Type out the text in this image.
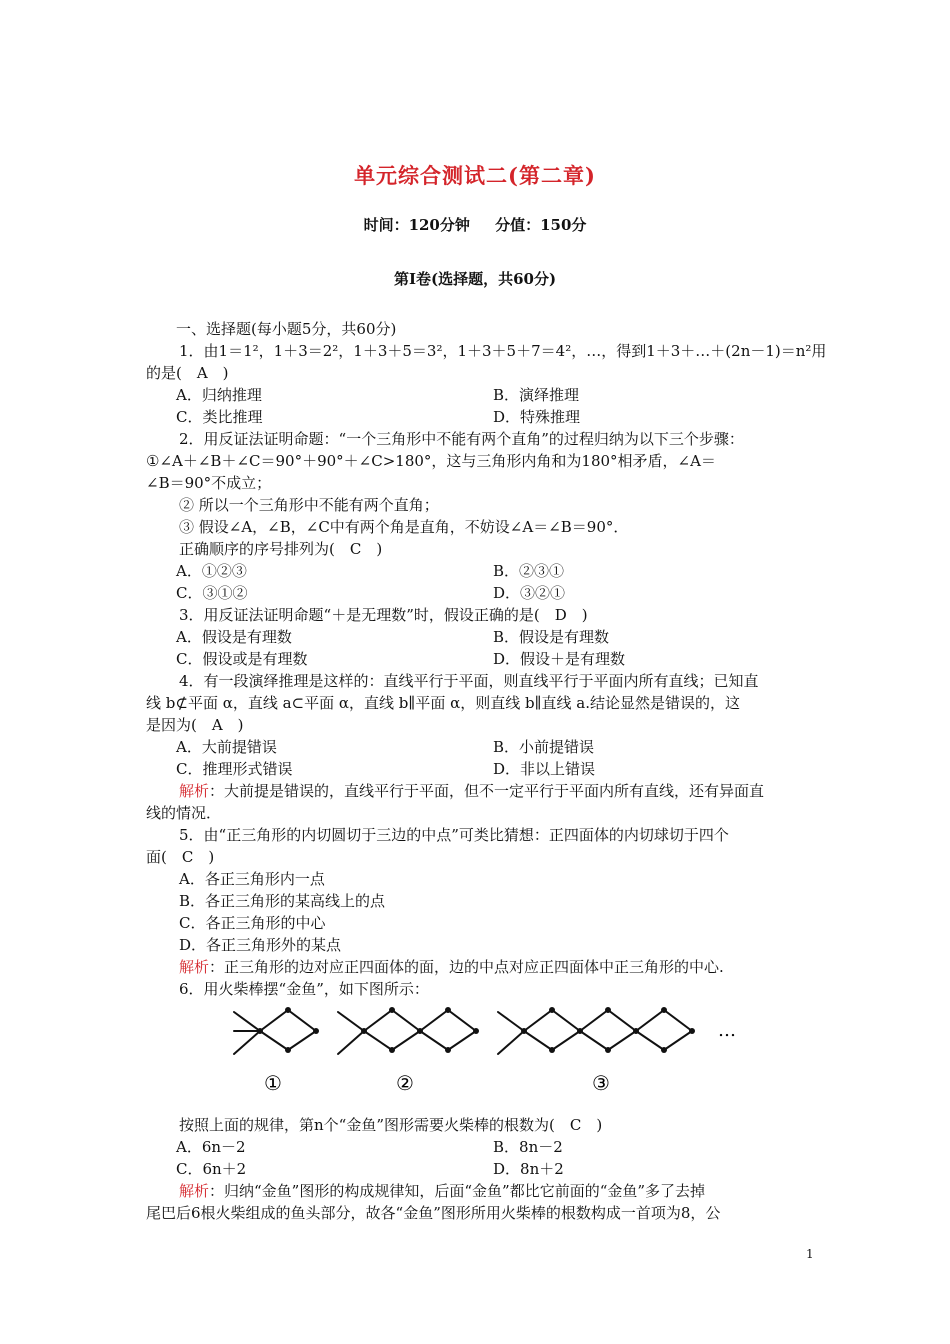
单元综合测试二(第二章)
时间：120分钟 分值：150分
第Ⅰ卷(选择题，共60分)
一、选择题(每小题5分，共60分)
1．由1＝1²，1＋3＝2²，1＋3＋5＝3²，1＋3＋5＋7＝4²，…，得到1＋3＋…＋(2n－1)＝n²用
的是(　A　)
A．归纳推理	B．演绎推理
C．类比推理	D．特殊推理
2．用反证法证明命题：“一个三角形中不能有两个直角”的过程归纳为以下三个步骤：
①∠A＋∠B＋∠C＝90°＋90°＋∠C>180°，这与三角形内角和为180°相矛盾，∠A＝
∠B＝90°不成立；
② 所以一个三角形中不能有两个直角；
③ 假设∠A，∠B，∠C中有两个角是直角，不妨设∠A＝∠B＝90°．
正确顺序的序号排列为(　C　)
A．①②③	B．②③①
C．③①②	D．③②①
3．用反证法证明命题“＋是无理数”时，假设正确的是(　D　)
A．假设是有理数	B．假设是有理数
C．假设或是有理数	D．假设＋是有理数
4．有一段演绎推理是这样的：直线平行于平面，则直线平行于平面内所有直线；已知直
线 b⊄平面 α，直线 a⊂平面 α，直线 b∥平面 α，则直线 b∥直线 a.结论显然是错误的，这
是因为(　A　)
A．大前提错误	B．小前提错误
C．推理形式错误	D．非以上错误
解析：大前提是错误的，直线平行于平面，但不一定平行于平面内所有直线，还有异面直
线的情况．
5．由“正三角形的内切圆切于三边的中点”可类比猜想：正四面体的内切球切于四个
面(　C　)
A．各正三角形内一点
B．各正三角形的某高线上的点
C．各正三角形的中心
D．各正三角形外的某点
解析：正三角形的边对应正四面体的面，边的中点对应正四面体中正三角形的中心.
6．用火柴棒摆“金鱼”，如下图所示：
…
①	②	③
按照上面的规律，第n个“金鱼”图形需要火柴棒的根数为(　C　)
A．6n－2	B．8n－2
C．6n＋2	D．8n＋2
解析：归纳“金鱼”图形的构成规律知，后面“金鱼”都比它前面的“金鱼”多了去掉
尾巴后6根火柴组成的鱼头部分，故各“金鱼”图形所用火柴棒的根数构成一首项为8，公
1
